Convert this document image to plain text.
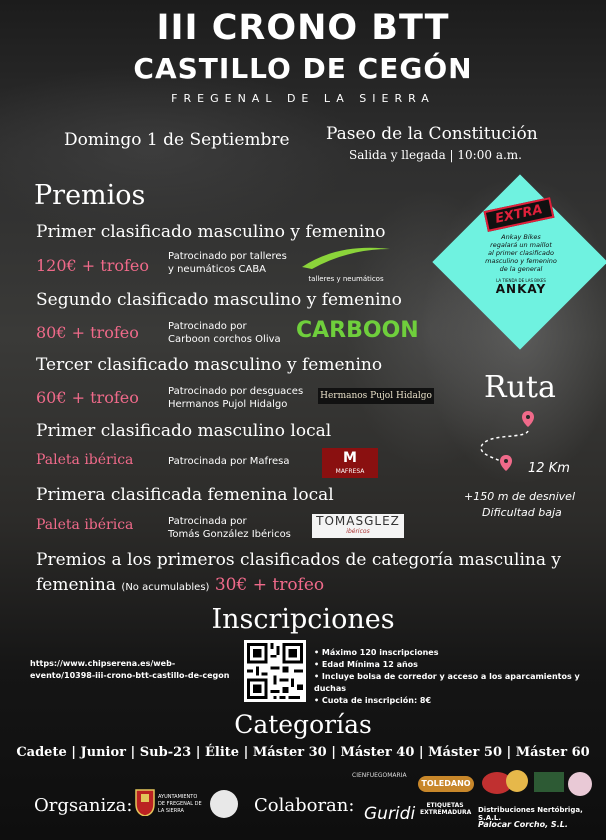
III CRONO BTT
CASTILLO DE CEGÓN
FREGENAL DE LA SIERRA
Domingo 1 de Septiembre Paseo de la Constitución
Salida y llegada | 10:00 a.m.
Premios
Primer clasificado masculino y femenino
120€ + trofeo Patrocinado por talleres
y neumáticos CABA
talleres y neumáticos
Segundo clasificado masculino y femenino
80€ + trofeo	Patrocinado por
Carboon corchos Oliva CARBOON
Tercer clasificado masculino y femenino
60€ + trofeo	Patrocinado por desguaces
Hermanos Pujol Hidalgo
Hermanos Pujol Hidalgo
Primer clasificado masculino local
Paleta ibérica	Patrocinada por Mafresa	M
MAFRESA
Primera clasificada femenina local
Paleta ibérica	Patrocinada por
Tomás González Ibéricos
TOMASGLEZ
ibéricos
Premios a los primeros clasificados de categoría masculina y
femenina (No acumulables) 30€ + trofeo
EXTRA
Ankay Bikes
regalará un maillot
al primer clasificado
masculino y femenino
de la general
LA TIENDA DE LAS BIKES
ANKAY
Ruta
12 Km
+150 m de desnivel
Dificultad baja
Inscripciones
https://www.chipserena.es/web-
evento/10398-iii-crono-btt-castillo-de-cegon
• Máximo 120 inscripciones
• Edad Mínima 12 años
• Incluye bolsa de corredor y acceso a los aparcamientos y duchas
• Cuota de inscripción: 8€
Categorías
Cadete | Junior | Sub-23 | Élite | Máster 30 | Máster 40 | Máster 50 | Máster 60
Orgsaniza:	AYUNTAMIENTO DE FREGENAL DE LA SIERRA	Colaboran:
CIENFUEGOMARIA
TOLEDANO
Guridi	ETIQUETAS EXTREMADURA Distribuciones Nertóbriga, S.A.L.
Palocar Corcho, S.L.
